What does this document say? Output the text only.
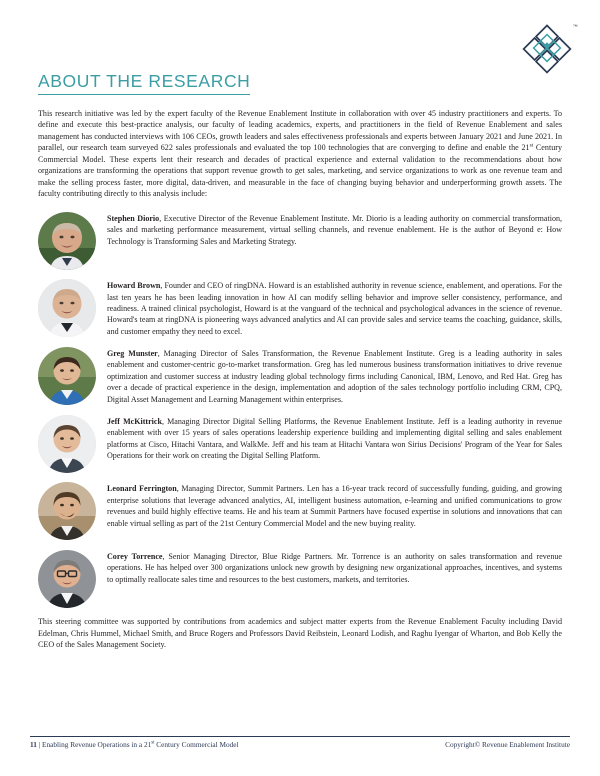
™
ABOUT THE RESEARCH

This research initiative was led by the expert faculty of the Revenue Enablement Institute in collaboration with over 45 industry practitioners and experts. To define and execute this best-practice analysis, our faculty of leading academics, experts, and practitioners in the field of Revenue Enablement and sales management has conducted interviews with 106 CEOs, growth leaders and sales effectiveness professionals and experts between January 2021 and June 2021. In parallel, our research team surveyed 622 sales professionals and evaluated the top 100 technologies that are converging to define and enable the 21st Century Commercial Model. These experts lent their research and decades of practical experience and external validation to the recommendations about how organizations are transforming the operations that support revenue growth to get sales, marketing, and service organizations to work as one revenue team and make the selling process faster, more digital, data-driven, and measurable in the face of changing buying behavior and underperforming growth assets. The faculty contributing directly to this analysis include:

Stephen Diorio, Executive Director of the Revenue Enablement Institute. Mr. Diorio is a leading authority on commercial transformation, sales and marketing performance measurement, virtual selling channels, and revenue enablement. He is the author of Beyond e: How Technology is Transforming Sales and Marketing Strategy.
Howard Brown, Founder and CEO of ringDNA. Howard is an established authority in revenue science, enablement, and operations. For the last ten years he has been leading innovation in how AI can modify selling behavior and improve seller consistency, performance, and readiness. A trained clinical psychologist, Howard is at the vanguard of the technical and psychological advances in the science of revenue. Howard's team at ringDNA is pioneering ways advanced analytics and AI can provide sales and service teams the coaching, guidance, skills, and customer empathy they need to excel.
Greg Munster, Managing Director of Sales Transformation, the Revenue Enablement Institute. Greg is a leading authority in sales enablement and customer-centric go-to-market transformation. Greg has led numerous business transformation initiatives to drive revenue optimization and customer success at industry leading global technology firms including Canonical, IBM, Lenovo, and Red Hat. Greg has over a decade of practical experience in the design, implementation and adoption of the sales technology portfolio including CRM, CPQ, Digital Asset Management and Learning Management within enterprises.
Jeff McKittrick, Managing Director Digital Selling Platforms, the Revenue Enablement Institute. Jeff is a leading authority in revenue enablement with over 15 years of sales operations leadership experience building and implementing digital selling and sales enablement platforms at Cisco, Hitachi Vantara, and WalkMe. Jeff and his team at Hitachi Vantara won Sirius Decisions' Program of the Year for Sales Operations for their work on creating the Digital Selling Platform.
Leonard Ferrington, Managing Director, Summit Partners. Len has a 16-year track record of successfully funding, guiding, and growing enterprise solutions that leverage advanced analytics, AI, intelligent business automation, e-learning and unified communications to grow revenues and build highly effective teams. He and his team at Summit Partners have focused expertise in solutions and innovations that can enable virtual selling as part of the 21st Century Commercial Model and the new buying reality.
Corey Torrence, Senior Managing Director, Blue Ridge Partners. Mr. Torrence is an authority on sales transformation and revenue operations. He has helped over 300 organizations unlock new growth by designing new organizational approaches, incentives, and systems to optimally reallocate sales time and resources to the best customers, markets, and territories.

This steering committee was supported by contributions from academics and subject matter experts from the Revenue Enablement Faculty including David Edelman, Chris Hummel, Michael Smith, and Bruce Rogers and Professors David Reibstein, Leonard Lodish, and Raghu Iyengar of Wharton, and Bob Kelly the CEO of the Sales Management Society.

11 | Enabling Revenue Operations in a 21st Century Commercial Model	Copyright© Revenue Enablement Institute
